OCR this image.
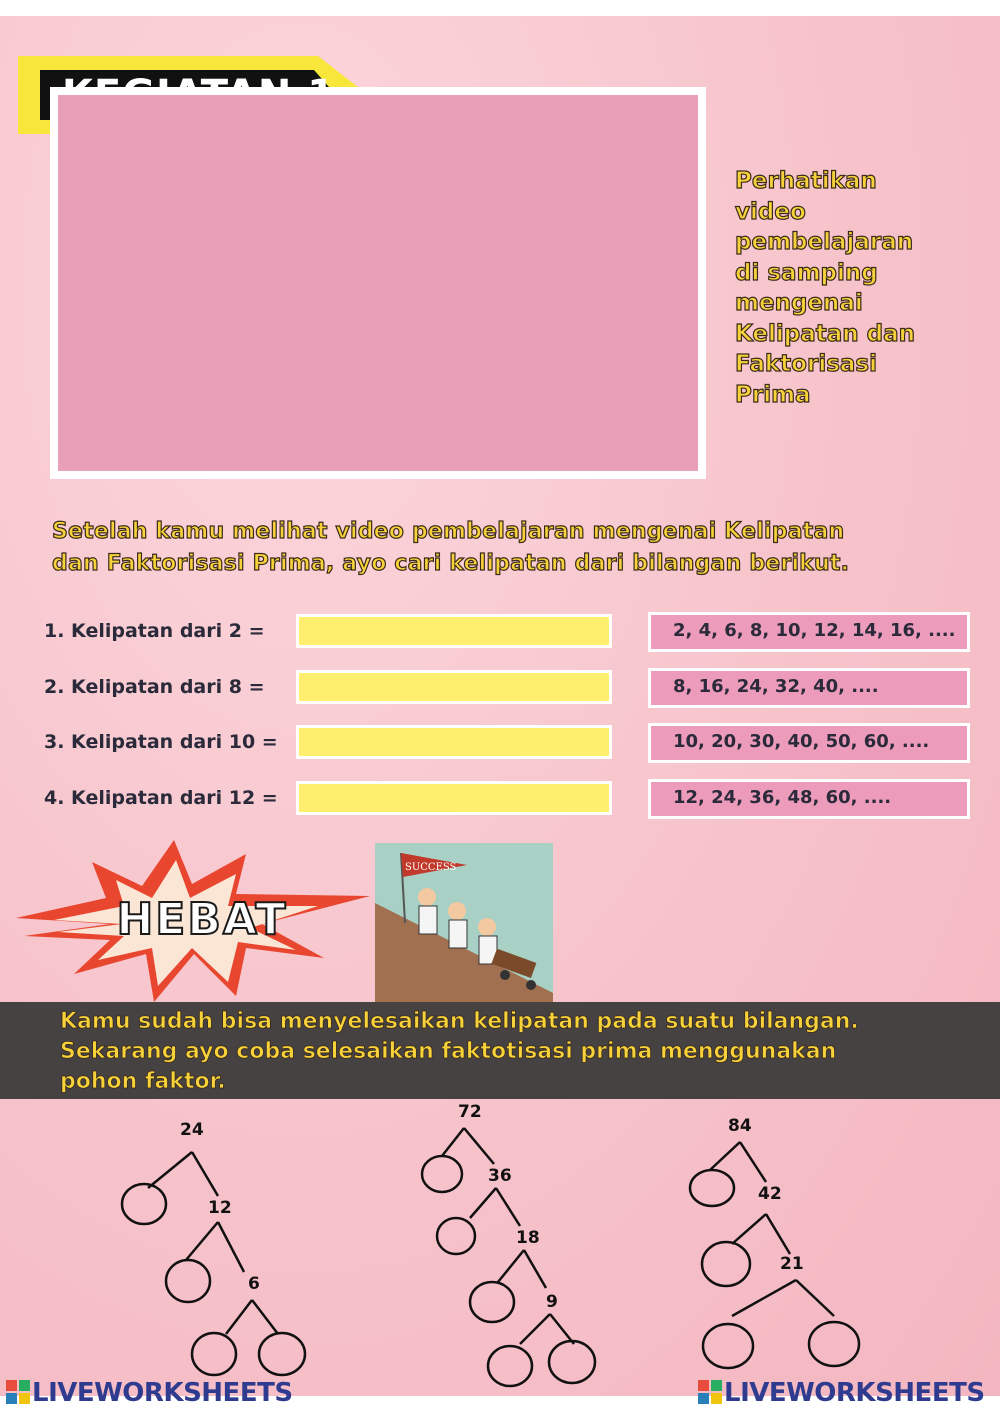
Perhatikan
video
pembelajaran
di samping
mengenai
Kelipatan dan
Faktorisasi
Prima
Setelah kamu melihat video pembelajaran mengenai Kelipatan
dan Faktorisasi Prima, ayo cari kelipatan dari bilangan berikut.
1. Kelipatan dari 2 =	2, 4, 6, 8, 10, 12, 14, 16, ....
2. Kelipatan dari 8 =	8, 16, 24, 32, 40, ....
3. Kelipatan dari 10 =	10, 20, 30, 40, 50, 60, ....
4. Kelipatan dari 12 =	12, 24, 36, 48, 60, ....
HEBAT
SUCCESS
Kamu sudah bisa menyelesaikan kelipatan pada suatu bilangan.
Sekarang ayo coba selesaikan faktotisasi prima menggunakan
pohon faktor.
24
12
6
72
36
18
9
84
42
21
LIVEWORKSHEETS	LIVEWORKSHEETS
